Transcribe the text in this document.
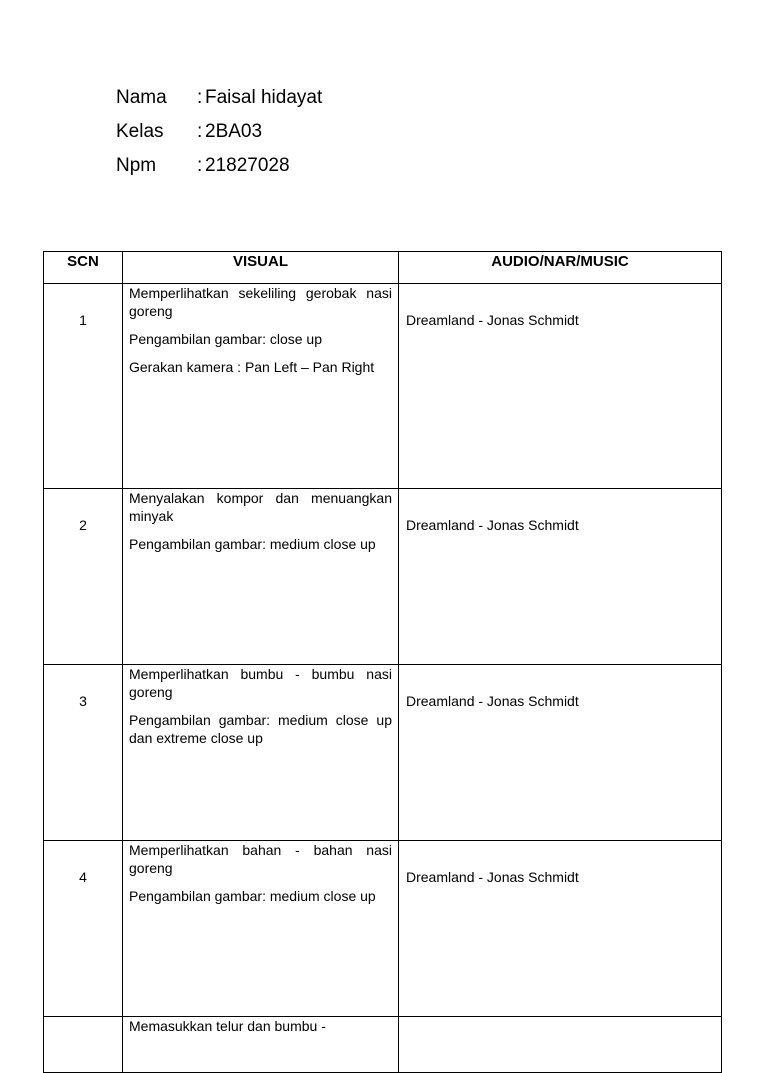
Nama	: Faisal hidayat
Kelas	: 2BA03
Npm	: 21827028
SCN	VISUAL	AUDIO/NAR/MUSIC
1	Memperlihatkan sekeliling gerobak nasi goreng

Pengambilan gambar: close up

Gerakan kamera : Pan Left – Pan Right	Dreamland - Jonas Schmidt
2	Menyalakan kompor dan menuangkan minyak

Pengambilan gambar: medium close up	Dreamland - Jonas Schmidt
3	Memperlihatkan bumbu - bumbu nasi goreng

Pengambilan gambar: medium close up dan extreme close up	Dreamland - Jonas Schmidt
4	Memperlihatkan bahan - bahan nasi goreng

Pengambilan gambar: medium close up	Dreamland - Jonas Schmidt

	Memasukkan telur dan bumbu -	
